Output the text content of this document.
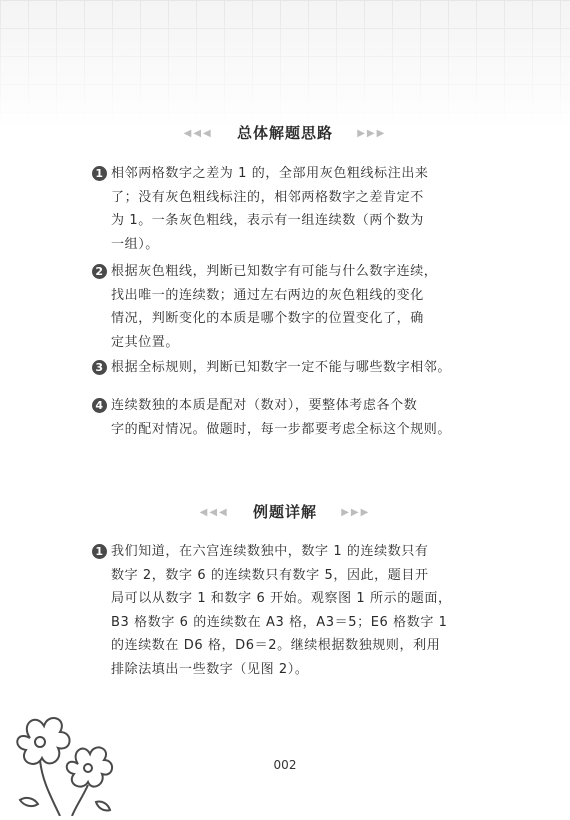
◀◀◀ 总体解题思路 ▶▶▶
1 相邻两格数字之差为 1 的，全部用灰色粗线标注出来
了；没有灰色粗线标注的，相邻两格数字之差肯定不
为 1。一条灰色粗线，表示有一组连续数（两个数为
一组）。
2 根据灰色粗线，判断已知数字有可能与什么数字连续，
找出唯一的连续数；通过左右两边的灰色粗线的变化
情况，判断变化的本质是哪个数字的位置变化了，确
定其位置。
3 根据全标规则，判断已知数字一定不能与哪些数字相邻。
4 连续数独的本质是配对（数对），要整体考虑各个数
字的配对情况。做题时，每一步都要考虑全标这个规则。
◀◀◀ 例题详解 ▶▶▶
1 我们知道，在六宫连续数独中，数字 1 的连续数只有
数字 2，数字 6 的连续数只有数字 5，因此，题目开
局可以从数字 1 和数字 6 开始。观察图 1 所示的题面，
B3 格数字 6 的连续数在 A3 格，A3＝5；E6 格数字 1
的连续数在 D6 格，D6＝2。继续根据数独规则，利用
排除法填出一些数字（见图 2）。
002
